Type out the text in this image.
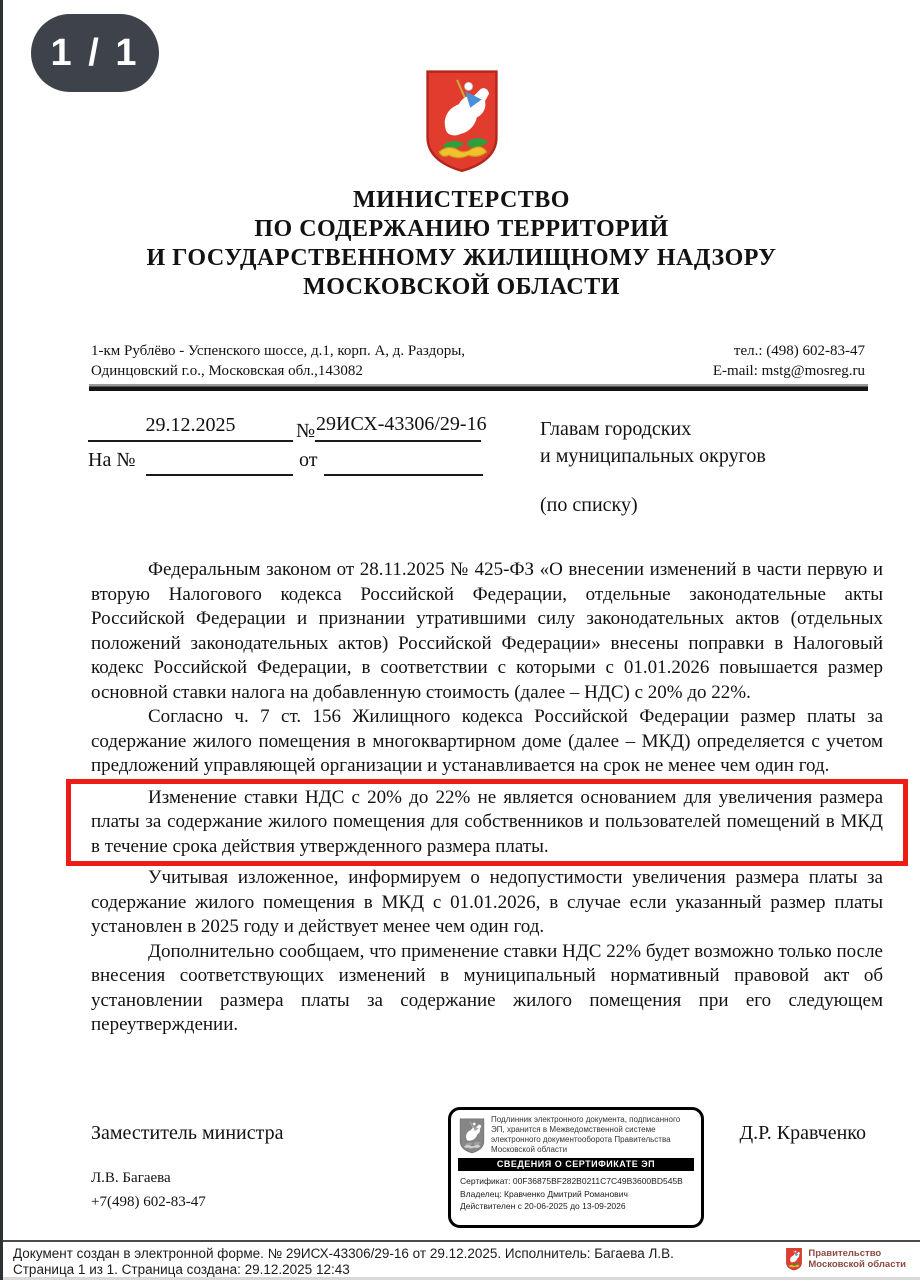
1 / 1
МИНИСТЕРСТВО
ПО СОДЕРЖАНИЮ ТЕРРИТОРИЙ
И ГОСУДАРСТВЕННОМУ ЖИЛИЩНОМУ НАДЗОРУ
МОСКОВСКОЙ ОБЛАСТИ
1-км Рублёво - Успенского шоссе, д.1, корп. А, д. Раздоры,
Одинцовский г.о., Московская обл.,143082
тел.: (498) 602-83-47
E-mail: mstg@mosreg.ru
29.12.2025	№ 29ИСХ-43306/29-16
На №	от
Главам городских
и муниципальных округов
(по списку)

Федеральным законом от 28.11.2025 № 425-ФЗ «О внесении изменений в части первую и вторую Налогового кодекса Российской Федерации, отдельные законодательные акты Российской Федерации и признании утратившими силу законодательных актов (отдельных положений законодательных актов) Российской Федерации» внесены поправки в Налоговый кодекс Российской Федерации, в соответствии с которыми с 01.01.2026 повышается размер основной ставки налога на добавленную стоимость (далее – НДС) с 20% до 22%.

Согласно ч. 7 ст. 156 Жилищного кодекса Российской Федерации размер платы за содержание жилого помещения в многоквартирном доме (далее – МКД) определяется с учетом предложений управляющей организации и устанавливается на срок не менее чем один год.

Изменение ставки НДС с 20% до 22% не является основанием для увеличения размера платы за содержание жилого помещения для собственников и пользователей помещений в МКД в течение срока действия утвержденного размера платы.

Учитывая изложенное, информируем о недопустимости увеличения размера платы за содержание жилого помещения в МКД с 01.01.2026, в случае если указанный размер платы установлен в 2025 году и действует менее чем один год.

Дополнительно сообщаем, что применение ставки НДС 22% будет возможно только после внесения соответствующих изменений в муниципальный нормативный правовой акт об установлении размера платы за содержание жилого помещения при его следующем переутверждении.

Заместитель министра	Д.Р. Кравченко
Л.В. Багаева
+7(498) 602-83-47
Подлинник электронного документа, подписанного ЭП, хранится в Межведомственной системе электронного документооборота Правительства Московской области
СВЕДЕНИЯ О СЕРТИФИКАТЕ ЭП
Сертификат: 00F36875BF282B0211C7C49B3600BD545B
Владелец: Кравченко Дмитрий Романович
Действителен с 20-06-2025 до 13-09-2026
Документ создан в электронной форме. № 29ИСХ-43306/29-16 от 29.12.2025. Исполнитель: Багаева Л.В.
Страница 1 из 1. Страница создана: 29.12.2025 12:43
Правительство
Московской области
